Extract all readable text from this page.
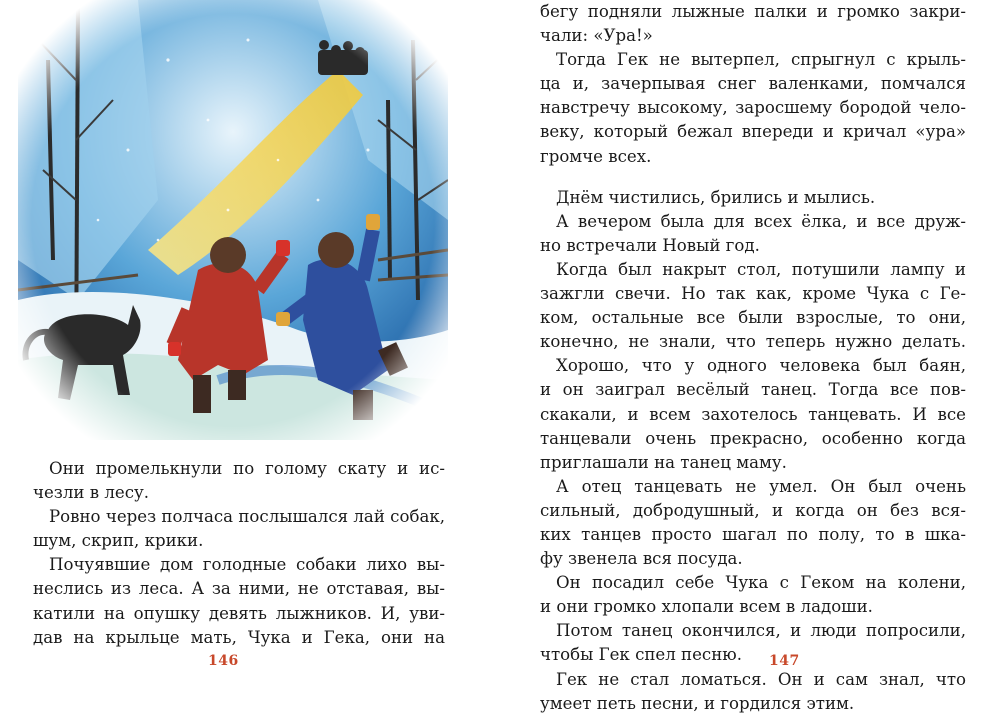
Они промелькнули по голому скату и ис-
чезли в лесу.
Ровно через полчаса послышался лай собак,
шум, скрип, крики.
Почуявшие дом голодные собаки лихо вы-
неслись из леса. А за ними, не отставая, вы-
катили на опушку девять лыжников. И, уви-
дав на крыльце мать, Чука и Гека, они на
146
бегу подняли лыжные палки и громко закри-
чали: «Ура!»
Тогда Гек не вытерпел, спрыгнул с крыль-
ца и, зачерпывая снег валенками, помчался
навстречу высокому, заросшему бородой чело-
веку, который бежал впереди и кричал «ура»
громче всех.
Днём чистились, брились и мылись.
А вечером была для всех ёлка, и все друж-
но встречали Новый год.
Когда был накрыт стол, потушили лампу и
зажгли свечи. Но так как, кроме Чука с Ге-
ком, остальные все были взрослые, то они,
конечно, не знали, что теперь нужно делать.
Хорошо, что у одного человека был баян,
и он заиграл весёлый танец. Тогда все пов-
скакали, и всем захотелось танцевать. И все
танцевали очень прекрасно, особенно когда
приглашали на танец маму.
А отец танцевать не умел. Он был очень
сильный, добродушный, и когда он без вся-
ких танцев просто шагал по полу, то в шка-
фу звенела вся посуда.
Он посадил себе Чука с Геком на колени,
и они громко хлопали всем в ладоши.
Потом танец окончился, и люди попросили,
чтобы Гек спел песню.
Гек не стал ломаться. Он и сам знал, что
умеет петь песни, и гордился этим.
147
